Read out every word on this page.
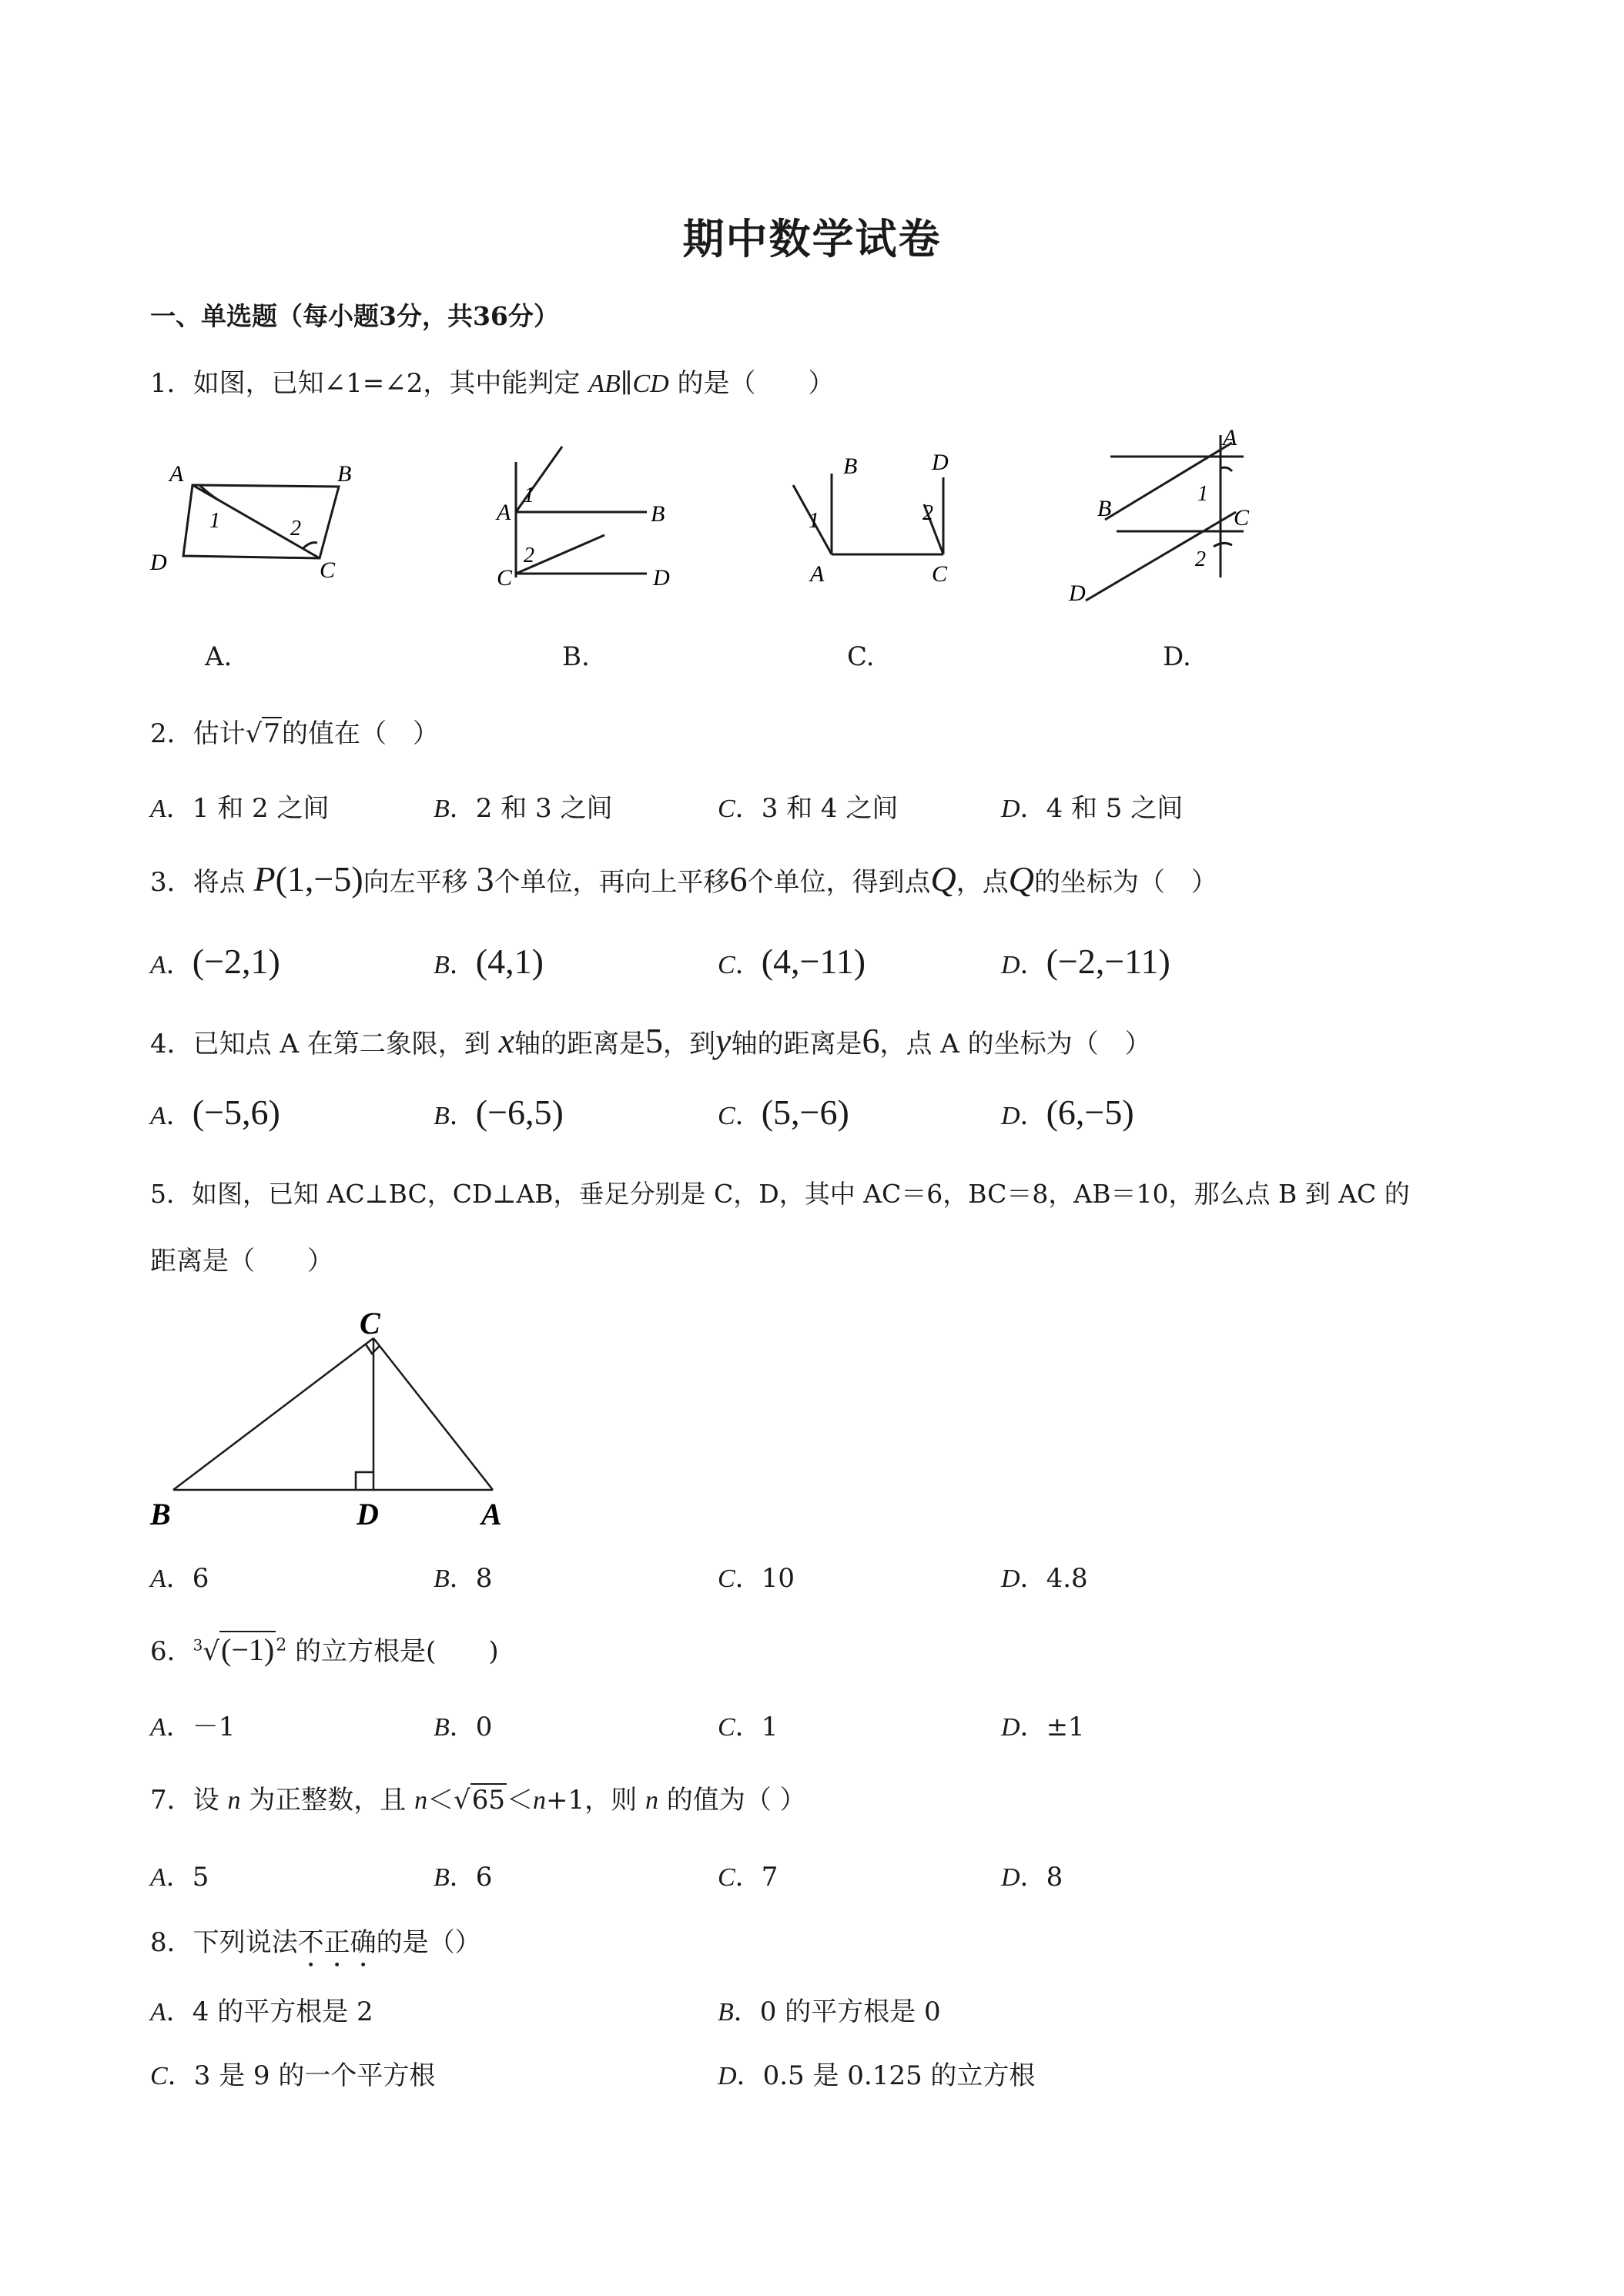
期中数学试卷
一、单选题（每小题3分，共36分）
1．如图，已知∠1=∠2，其中能判定 AB∥CD 的是（　　）
A	B
C
D
1	2
A.
A	B
C	D
1
2
B.
B	D
A	C
1	2
C.
A
B	C
D
1
2
D.
2．估计√7的值在（　）
A．1 和 2 之间	B．2 和 3 之间	C．3 和 4 之间	D．4 和 5 之间
3．将点 P(1,−5)向左平移 3个单位，再向上平移6个单位，得到点Q，点Q的坐标为（　）
A．(−2,1)	B．(4,1)	C．(4,−11)	D．(−2,−11)
4．已知点 A 在第二象限，到 x轴的距离是5，到y轴的距离是6，点 A 的坐标为（　）
A．(−5,6)	B．(−6,5)	C．(5,−6)	D．(6,−5)
5．如图，已知 AC⊥BC，CD⊥AB，垂足分别是 C，D，其中 AC＝6，BC＝8，AB＝10，那么点 B 到 AC 的
距离是（　　）
C
B	D	A
A．6	B．8	C．10	D．4.8
6．$^3√(-1)^2$ 的立方根是(　　)
A．－1	B．0	C．1	D．±1
7．设 n 为正整数，且 n＜√65＜n+1，则 n 的值为（ ）
A．5	B．6	C．7	D．8
8．下列说法不正确的是（）
A．4 的平方根是 2	B．0 的平方根是 0
C．3 是 9 的一个平方根	D．0.5 是 0.125 的立方根
